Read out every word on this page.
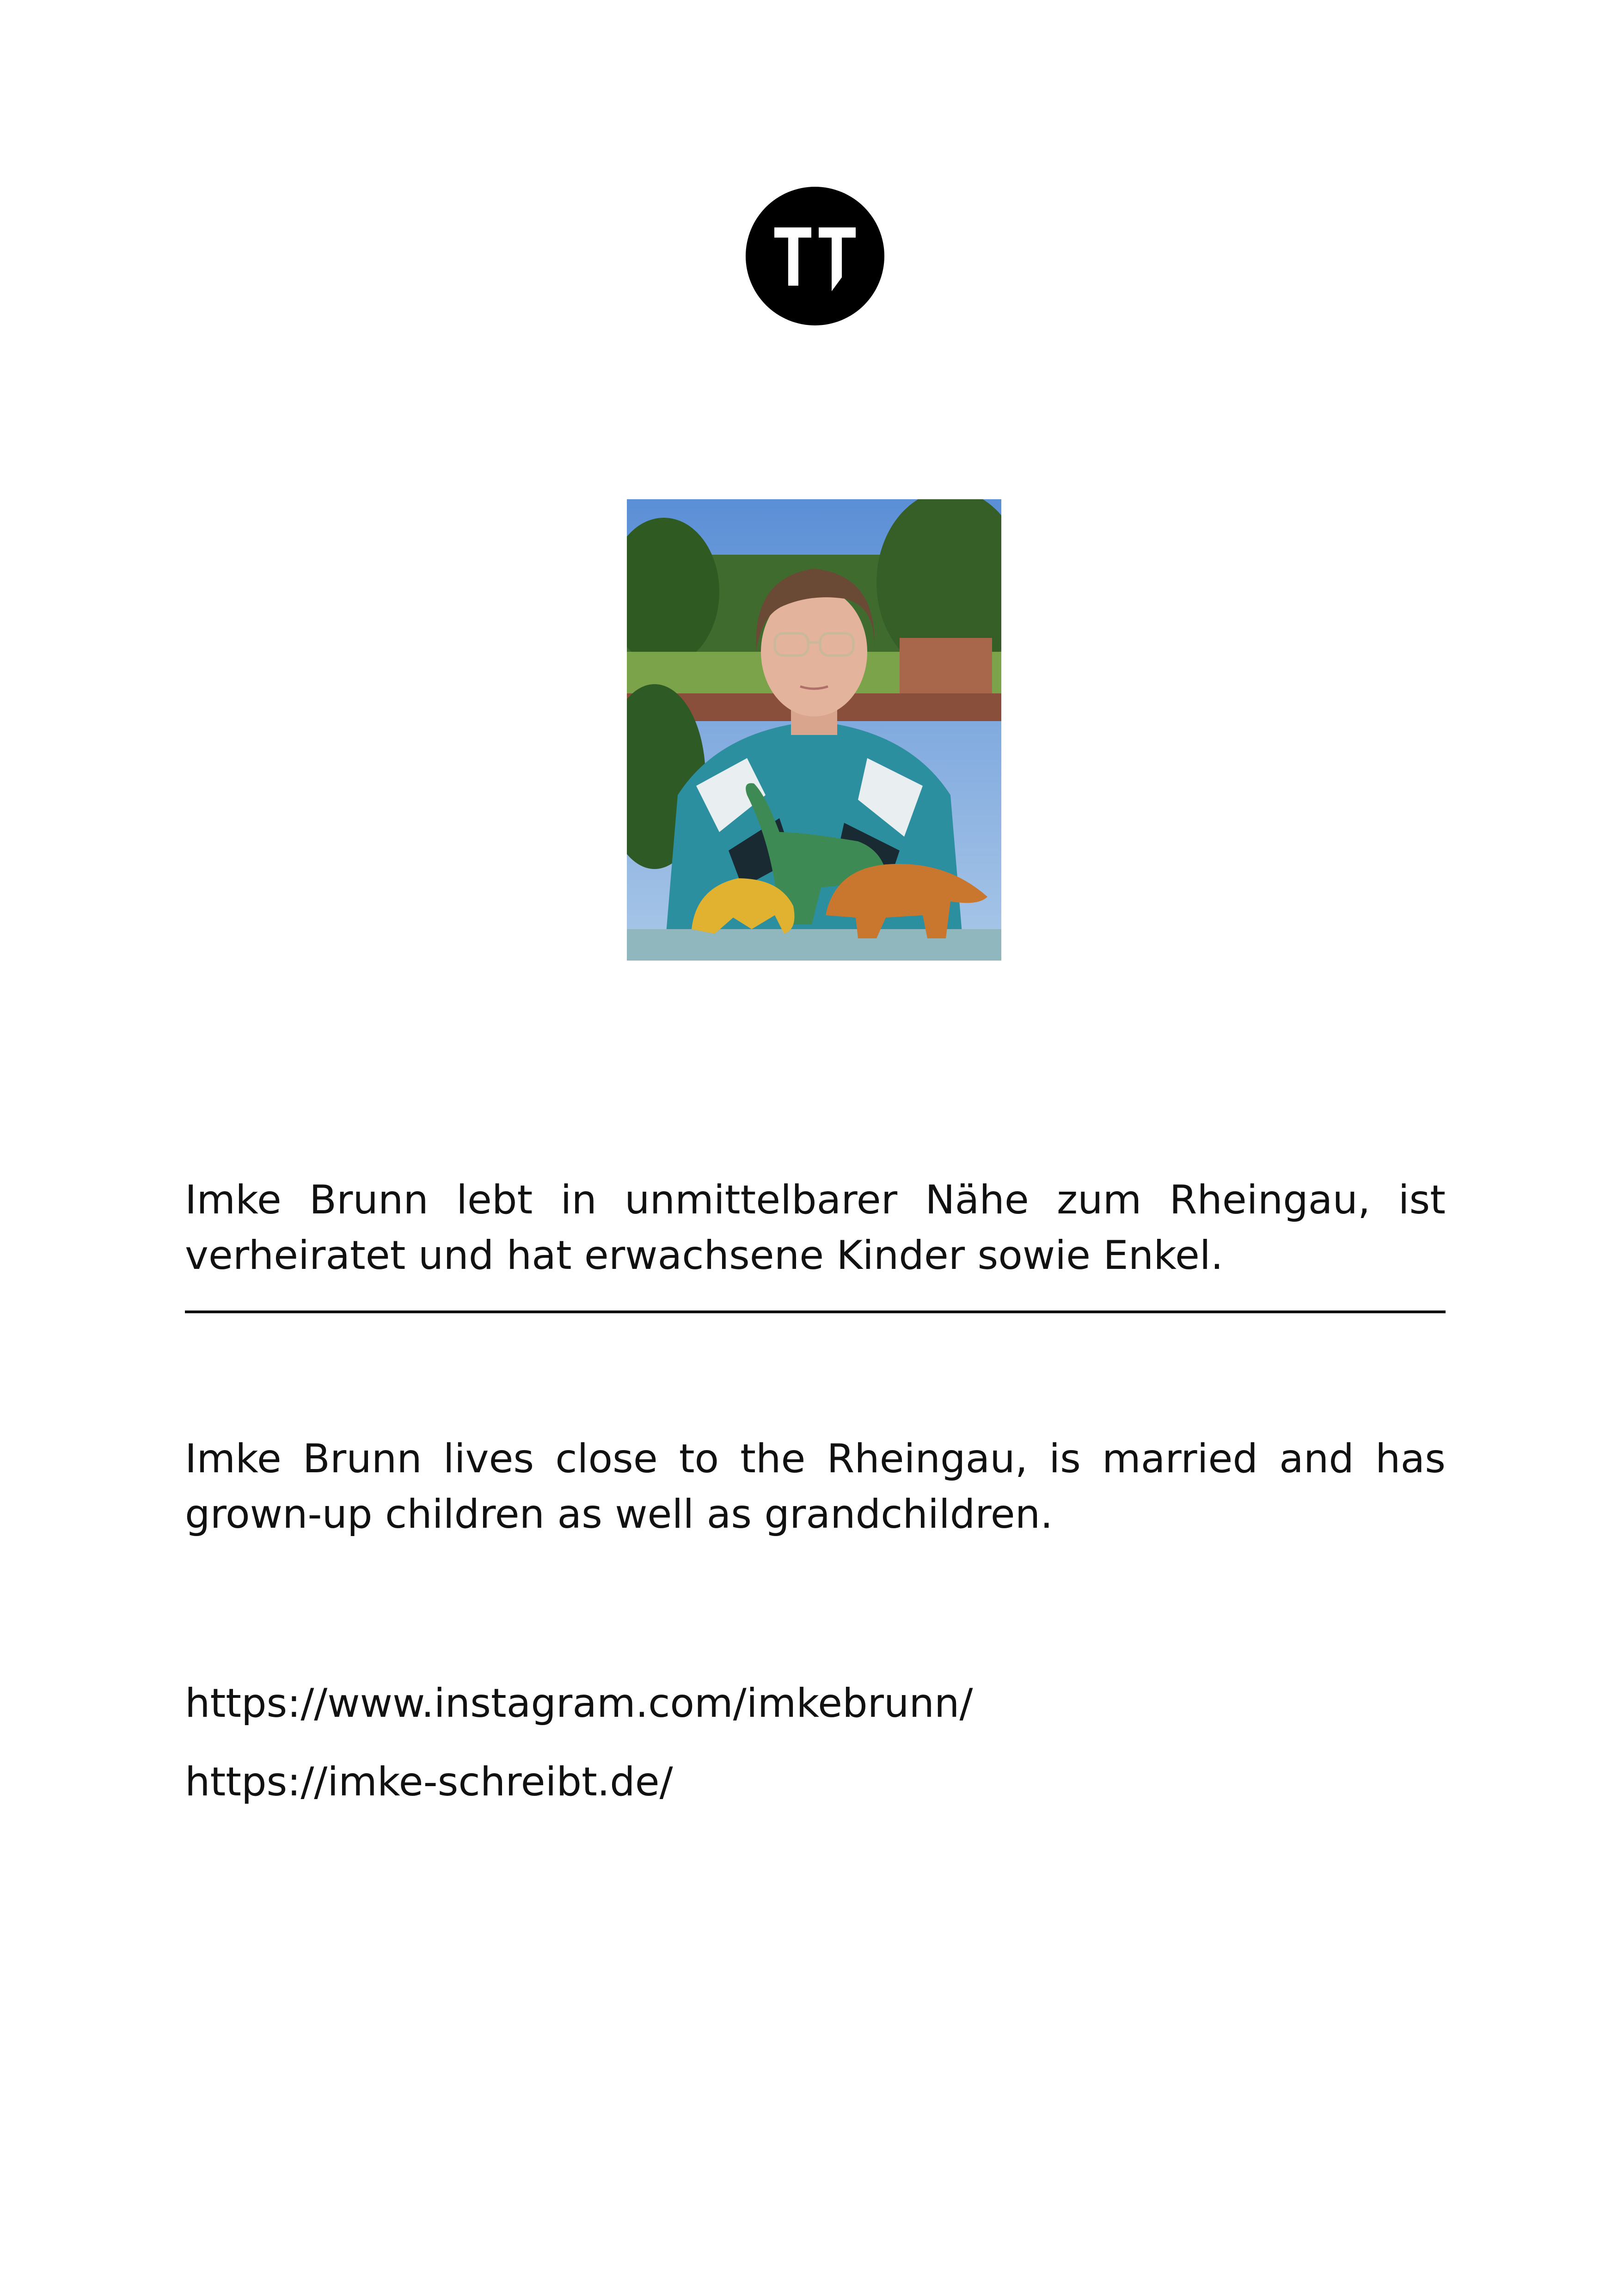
Imke Brunn lebt in unmittelbarer Nähe zum Rheingau, ist verheiratet und hat erwachsene Kinder sowie Enkel.

Imke Brunn lives close to the Rheingau, is married and has grown-up children as well as grandchildren.

https://www.instagram.com/imkebrunn/
https://imke-schreibt.de/
